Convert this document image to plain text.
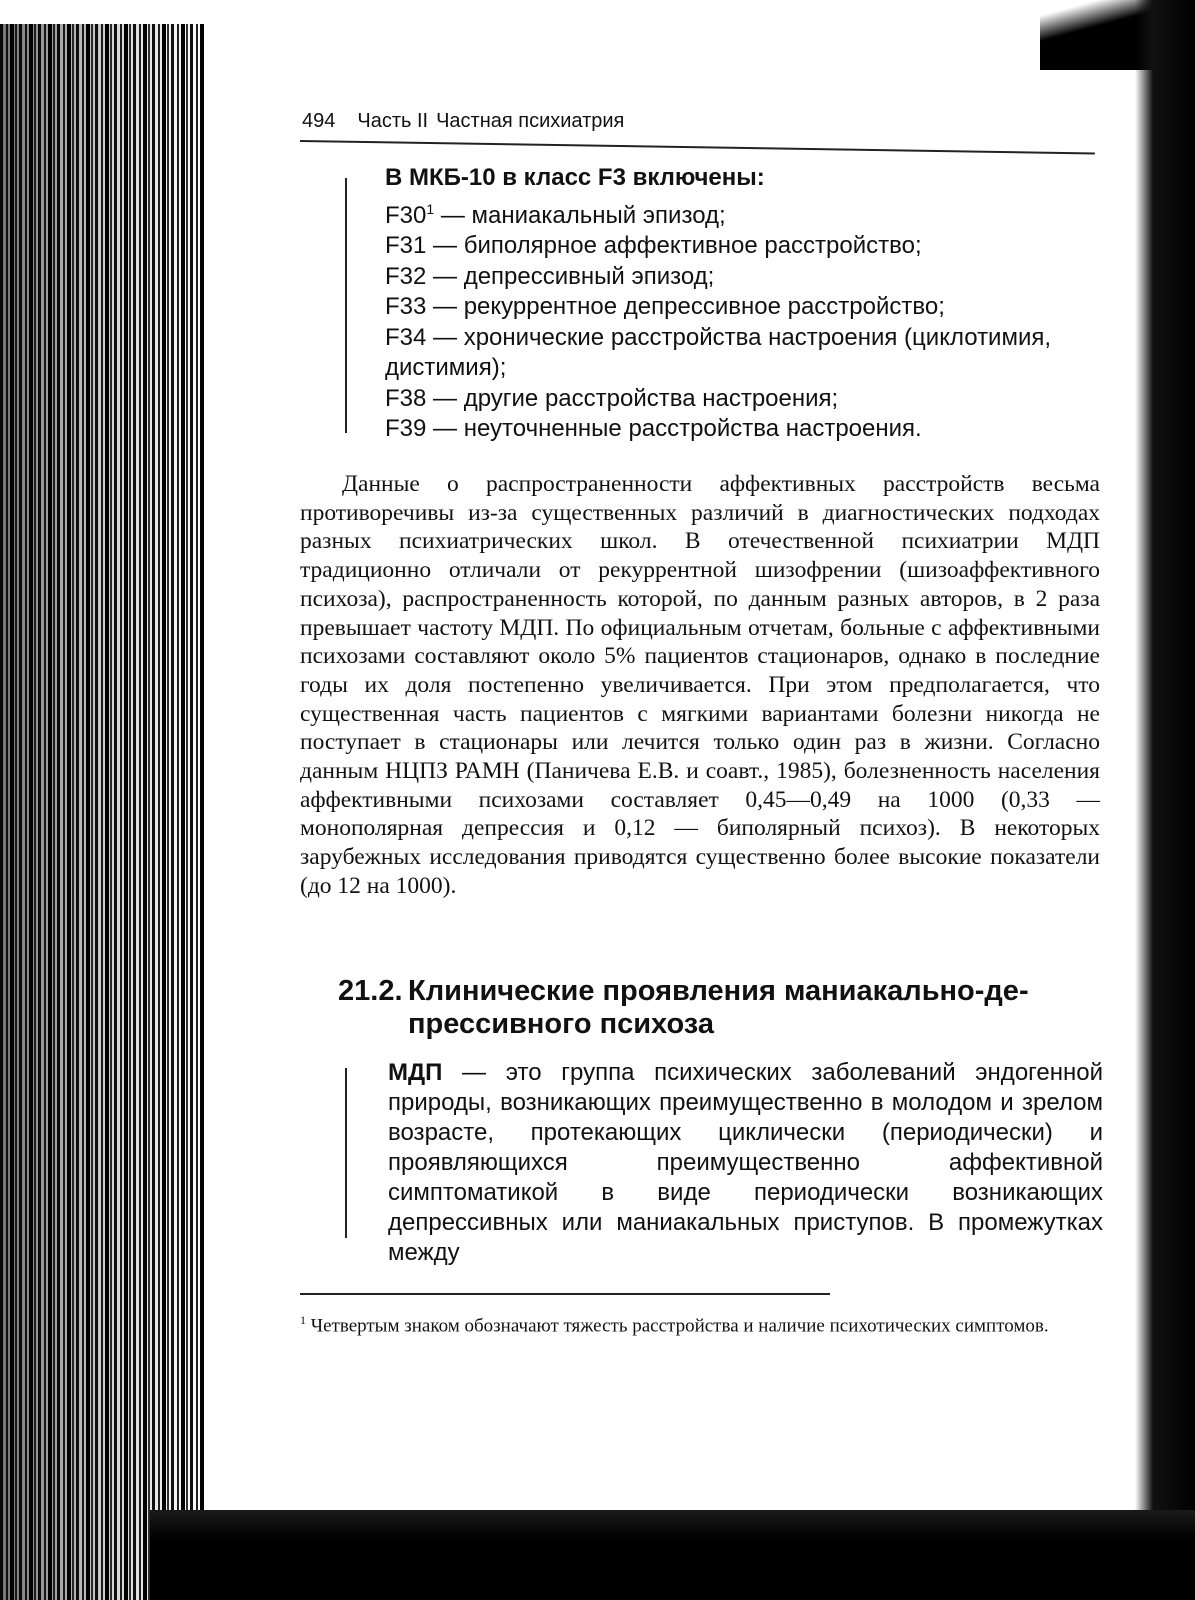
494 Часть II Частная психиатрия
В МКБ-10 в класс F3 включены:
$F30^1$ — маниакальный эпизод;
F31 — биполярное аффективное расстройство;
F32 — депрессивный эпизод;
F33 — рекуррентное депрессивное расстройство;
F34 — хронические расстройства настроения (циклотимия,
дистимия);
F38 — другие расстройства настроения;
F39 — неуточненные расстройства настроения.
Данные о распространенности аффективных расстройств весьма противоречивы из-за существенных различий в диагностических подходах разных психиатрических школ. В отечественной психиатрии МДП традиционно отличали от рекуррентной шизофрении (шизоаффективного психоза), распространенность которой, по данным разных авторов, в 2 раза превышает частоту МДП. По официальным отчетам, больные с аффективными психозами составляют около 5% пациентов стационаров, однако в последние годы их доля постепенно увеличивается. При этом предполагается, что существенная часть пациентов с мягкими вариантами болезни никогда не поступает в стационары или лечится только один раз в жизни. Согласно данным НЦПЗ РАМН (Паничева Е.В. и соавт., 1985), болезненность населения аффективными психозами составляет 0,45—0,49 на 1000 (0,33 — монополярная депрессия и 0,12 — биполярный психоз). В некоторых зарубежных исследования приводятся существенно более высокие показатели (до 12 на 1000).
21.2. Клинические проявления маниакально-де-
прессивного психоза
МДП — это группа психических заболеваний эндогенной природы, возникающих преимущественно в молодом и зрелом возрасте, протекающих циклически (периодически) и проявляющихся преимущественно аффективной симптоматикой в виде периодически возникающих депрессивных или маниакальных приступов. В промежутках между
$^1$ Четвертым знаком обозначают тяжесть расстройства и наличие психотических симптомов.
